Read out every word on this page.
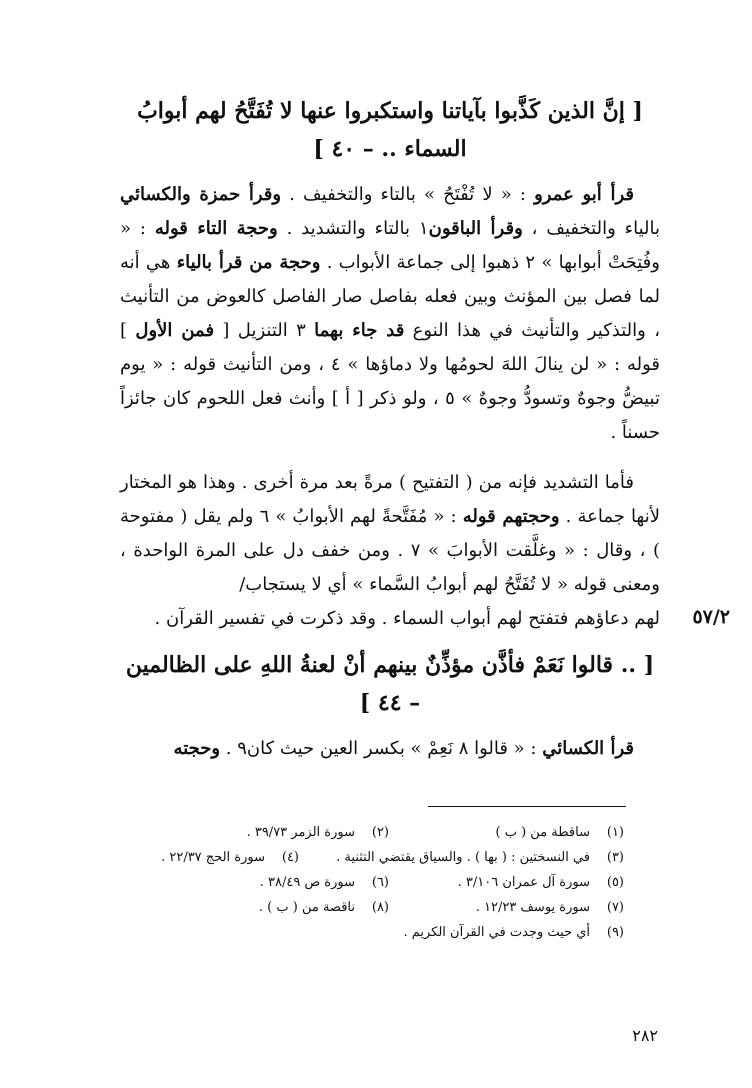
[ إنَّ الذين كَذَّبوا بآياتنا واستكبروا عنها لا تُفَتَّحُ لهم أبوابُ
السماء .. – ٤٠ ]

قرأ أبو عمرو : « لا تُفْتَحُ » بالتاء والتخفيف . وقرأ حمزة والكسائي بالياء والتخفيف ، وقرأ الباقون١ بالتاء والتشديد . وحجة التاء قوله : « وفُتِحَتْ أبوابها » ٢ ذهبوا إلى جماعة الأبواب . وحجة من قرأ بالياء هي أنه لما فصل بين المؤنث وبين فعله بفاصل صار الفاصل كالعوض من التأنيث ، والتذكير والتأنيث في هذا النوع قد جاء بهما ٣ التنزيل [ فمن الأول ] قوله : « لن ينالَ اللهَ لحومُها ولا دماؤها » ٤ ، ومن التأنيث قوله : « يوم تبيضُّ وجوهٌ وتسودُّ وجوهٌ » ٥ ، ولو ذكر [ أ ] وأنث فعل اللحوم كان جائزاً حسناً .

فأما التشديد فإنه من ( التفتيح ) مرةً بعد مرة أخرى . وهذا هو المختار لأنها جماعة . وحجتهم قوله : « مُفَتَّحةً لهم الأبوابُ » ٦ ولم يقل ( مفتوحة ) ، وقال : « وغلَّقت الأبوابَ » ٧ . ومن خفف دل على المرة الواحدة ، ومعنى قوله « لا تُفَتَّحُ لهم أبوابُ السَّماء » أي لا يستجاب/

لهم دعاؤهم فتفتح لهم أبواب السماء . وقد ذكرت في تفسير القرآن . ٥٧/٢
[ .. قالوا نَعَمْ فأذَّن مؤذِّنٌ بينهم أنْ لعنةُ اللهِ على الظالمين – ٤٤ ]

قرأ الكسائي : « قالوا ٨ نَعِمْ » بكسر العين حيث كان٩ . وحجته

(١)ساقطة من ( ب )
(٢)سورة الزمر ٣٩/٧٣ .
(٣)في النسختين : ( بها ) . والسياق يقتضي التثنية .
(٤)سورة الحج ٢٢/٣٧ .
(٥)سورة آل عمران ٣/١٠٦ .
(٦)سورة ص ٣٨/٤٩ .
(٧)سورة يوسف ١٢/٢٣ .
(٨)ناقصة من ( ب ) .
(٩)أي حيث وجدت في القرآن الكريم .
٢٨٢
